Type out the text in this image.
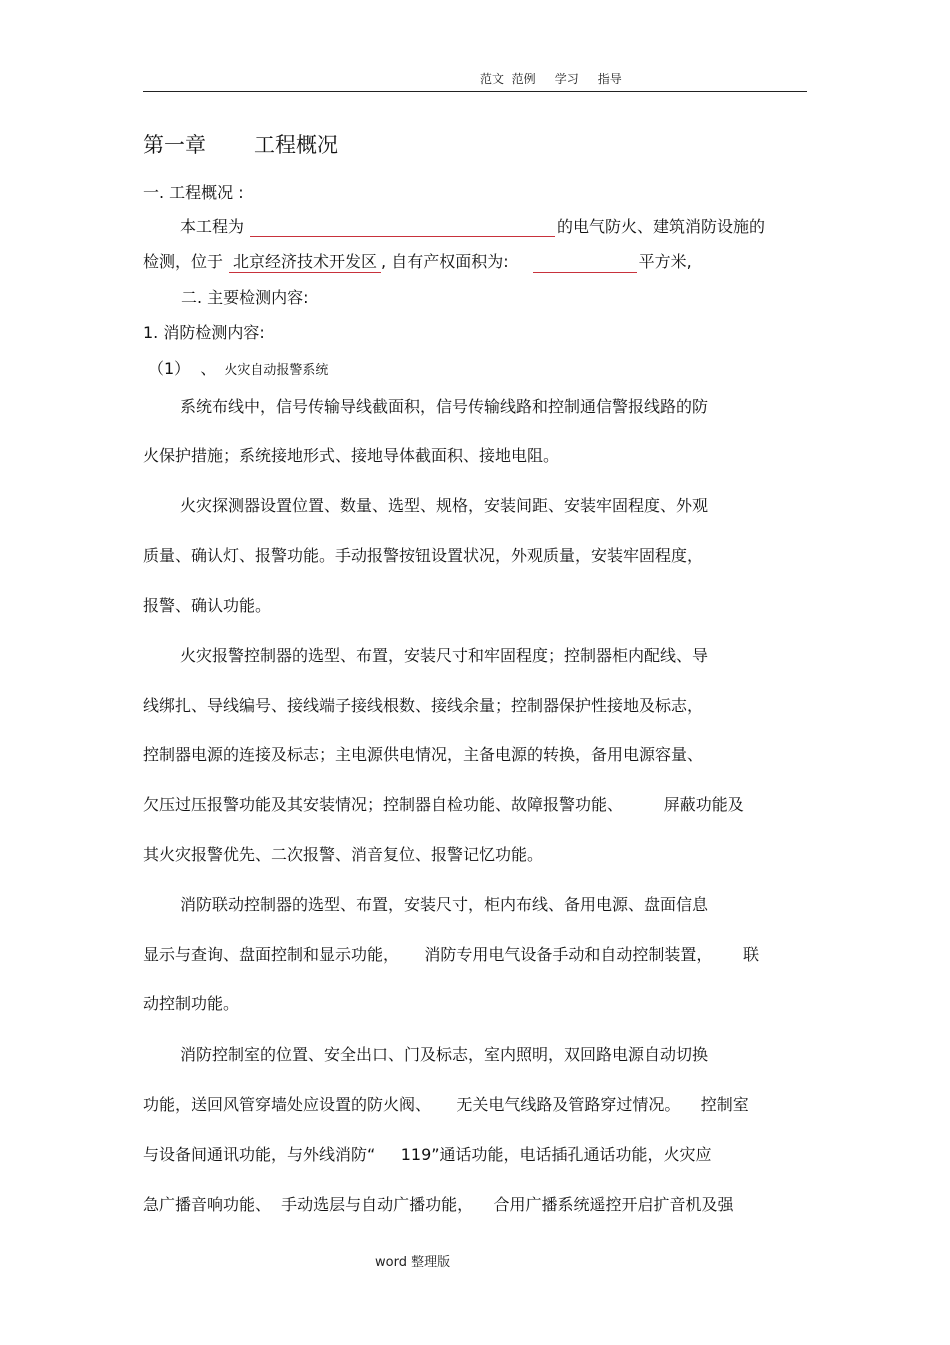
范文  范例     学习     指导
第一章 工程概况
一. 工程概况 :
本工程为	的电气防火、建筑消防设施的
检测，位于 北京经济技术开发区 , 自有产权面积为:	平方米,
二. 主要检测内容:
1. 消防检测内容:
（1）  、 火灾自动报警系统
系统布线中，信号传输导线截面积，信号传输线路和控制通信警报线路的防
火保护措施；系统接地形式、接地导体截面积、接地电阻。
火灾探测器设置位置、数量、选型、规格，安装间距、安装牢固程度、外观
质量、确认灯、报警功能。手动报警按钮设置状况，外观质量，安装牢固程度，
报警、确认功能。
火灾报警控制器的选型、布置，安装尺寸和牢固程度；控制器柜内配线、导
线绑扎、导线编号、接线端子接线根数、接线余量；控制器保护性接地及标志，
控制器电源的连接及标志；主电源供电情况，主备电源的转换，备用电源容量、
欠压过压报警功能及其安装情况；控制器自检功能、故障报警功能、        屏蔽功能及
其火灾报警优先、二次报警、消音复位、报警记忆功能。
消防联动控制器的选型、布置，安装尺寸，柜内布线、备用电源、盘面信息
显示与查询、盘面控制和显示功能，     消防专用电气设备手动和自动控制装置，      联
动控制功能。
消防控制室的位置、安全出口、门及标志，室内照明，双回路电源自动切换
功能，送回风管穿墙处应设置的防火阀、     无关电气线路及管路穿过情况。    控制室
与设备间通讯功能，与外线消防“     119”通话功能，电话插孔通话功能，火灾应
急广播音响功能、  手动选层与自动广播功能，    合用广播系统遥控开启扩音机及强
word 整理版
